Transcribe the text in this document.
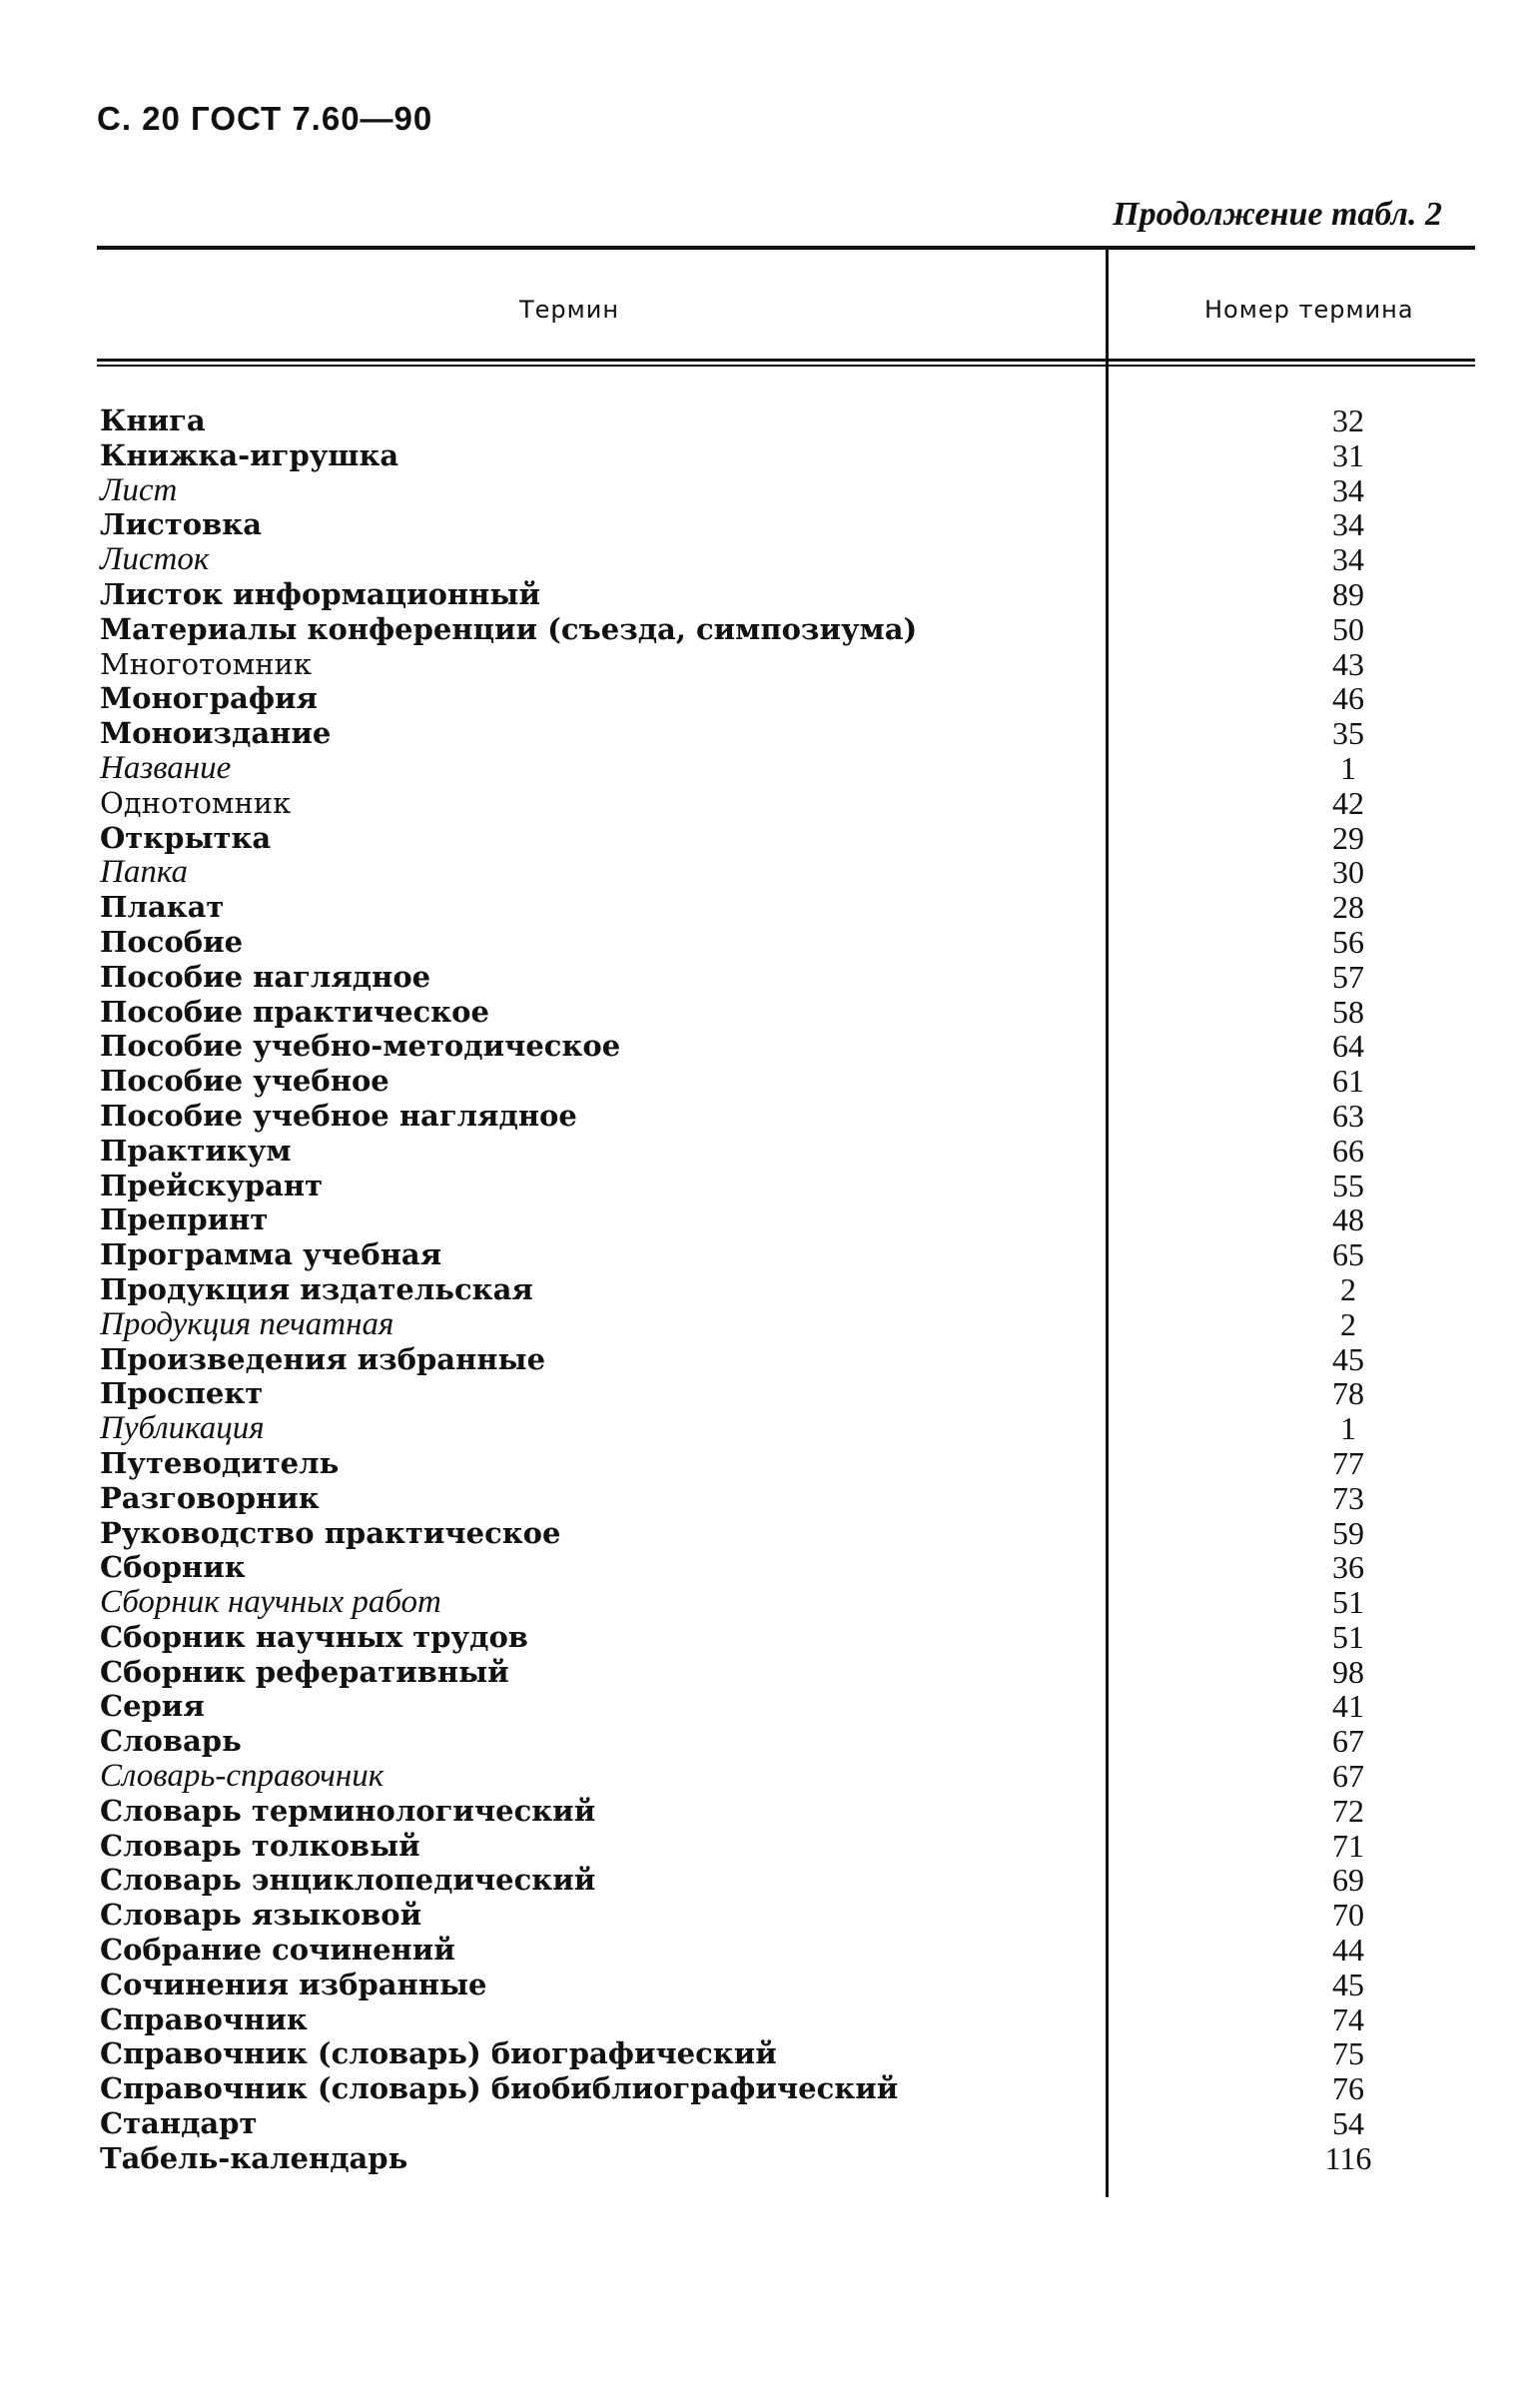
С. 20 ГОСТ 7.60—90
Продолжение табл. 2
Термин	Номер термина
Книга	32
Книжка-игрушка	31
Лист	34
Листовка	34
Листок	34
Листок информационный	89
Материалы конференции (съезда, симпозиума)	50
Многотомник	43
Монография	46
Моноиздание	35
Название	1
Однотомник	42
Открытка	29
Папка	30
Плакат	28
Пособие	56
Пособие наглядное	57
Пособие практическое	58
Пособие учебно-методическое	64
Пособие учебное	61
Пособие учебное наглядное	63
Практикум	66
Прейскурант	55
Препринт	48
Программа учебная	65
Продукция издательская	2
Продукция печатная	2
Произведения избранные	45
Проспект	78
Публикация	1
Путеводитель	77
Разговорник	73
Руководство практическое	59
Сборник	36
Сборник научных работ	51
Сборник научных трудов	51
Сборник реферативный	98
Серия	41
Словарь	67
Словарь-справочник	67
Словарь терминологический	72
Словарь толковый	71
Словарь энциклопедический	69
Словарь языковой	70
Собрание сочинений	44
Сочинения избранные	45
Справочник	74
Справочник (словарь) биографический	75
Справочник (словарь) биобиблиографический	76
Стандарт	54
Табель-календарь	116
